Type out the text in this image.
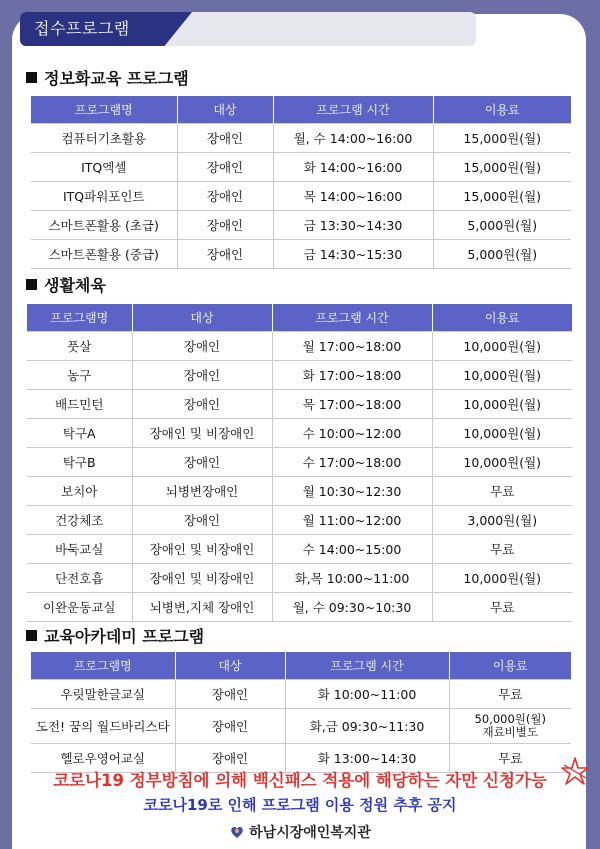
접수프로그램
정보화교육 프로그램
프로그램명	대상	프로그램 시간	이용료
컴퓨터기초활용	장애인	월, 수 14:00~16:00	15,000원(월)
ITQ엑셀	장애인	화 14:00~16:00	15,000원(월)
ITQ파워포인트	장애인	목 14:00~16:00	15,000원(월)
스마트폰활용 (초급)	장애인	금 13:30~14:30	5,000원(월)
스마트폰활용 (중급)	장애인	금 14:30~15:30	5,000원(월)
생활체육
프로그램명	대상	프로그램 시간	이용료
풋살	장애인	월 17:00~18:00	10,000원(월)
농구	장애인	화 17:00~18:00	10,000원(월)
배드민턴	장애인	목 17:00~18:00	10,000원(월)
탁구A	장애인 및 비장애인	수 10:00~12:00	10,000원(월)
탁구B	장애인	수 17:00~18:00	10,000원(월)
보치아	뇌병변장애인	월 10:30~12:30	무료
건강체조	장애인	월 11:00~12:00	3,000원(월)
바둑교실	장애인 및 비장애인	수 14:00~15:00	무료
단전호흡	장애인 및 비장애인	화,목 10:00~11:00	10,000원(월)
이완운동교실	뇌병변,지체 장애인	월, 수 09:30~10:30	무료
교육아카데미 프로그램
프로그램명	대상	프로그램 시간	이용료
우릿말한글교실	장애인	화 10:00~11:00	무료
도전! 꿈의 월드바리스타	장애인	화,금 09:30~11:30	50,000원(월)
재료비별도
헬로우영어교실	장애인	화 13:00~14:30	무료
코로나19 정부방침에 의해 백신패스 적용에 해당하는 자만 신청가능
코로나19로 인해 프로그램 이용 정원 추후 공지
하남시장애인복지관
